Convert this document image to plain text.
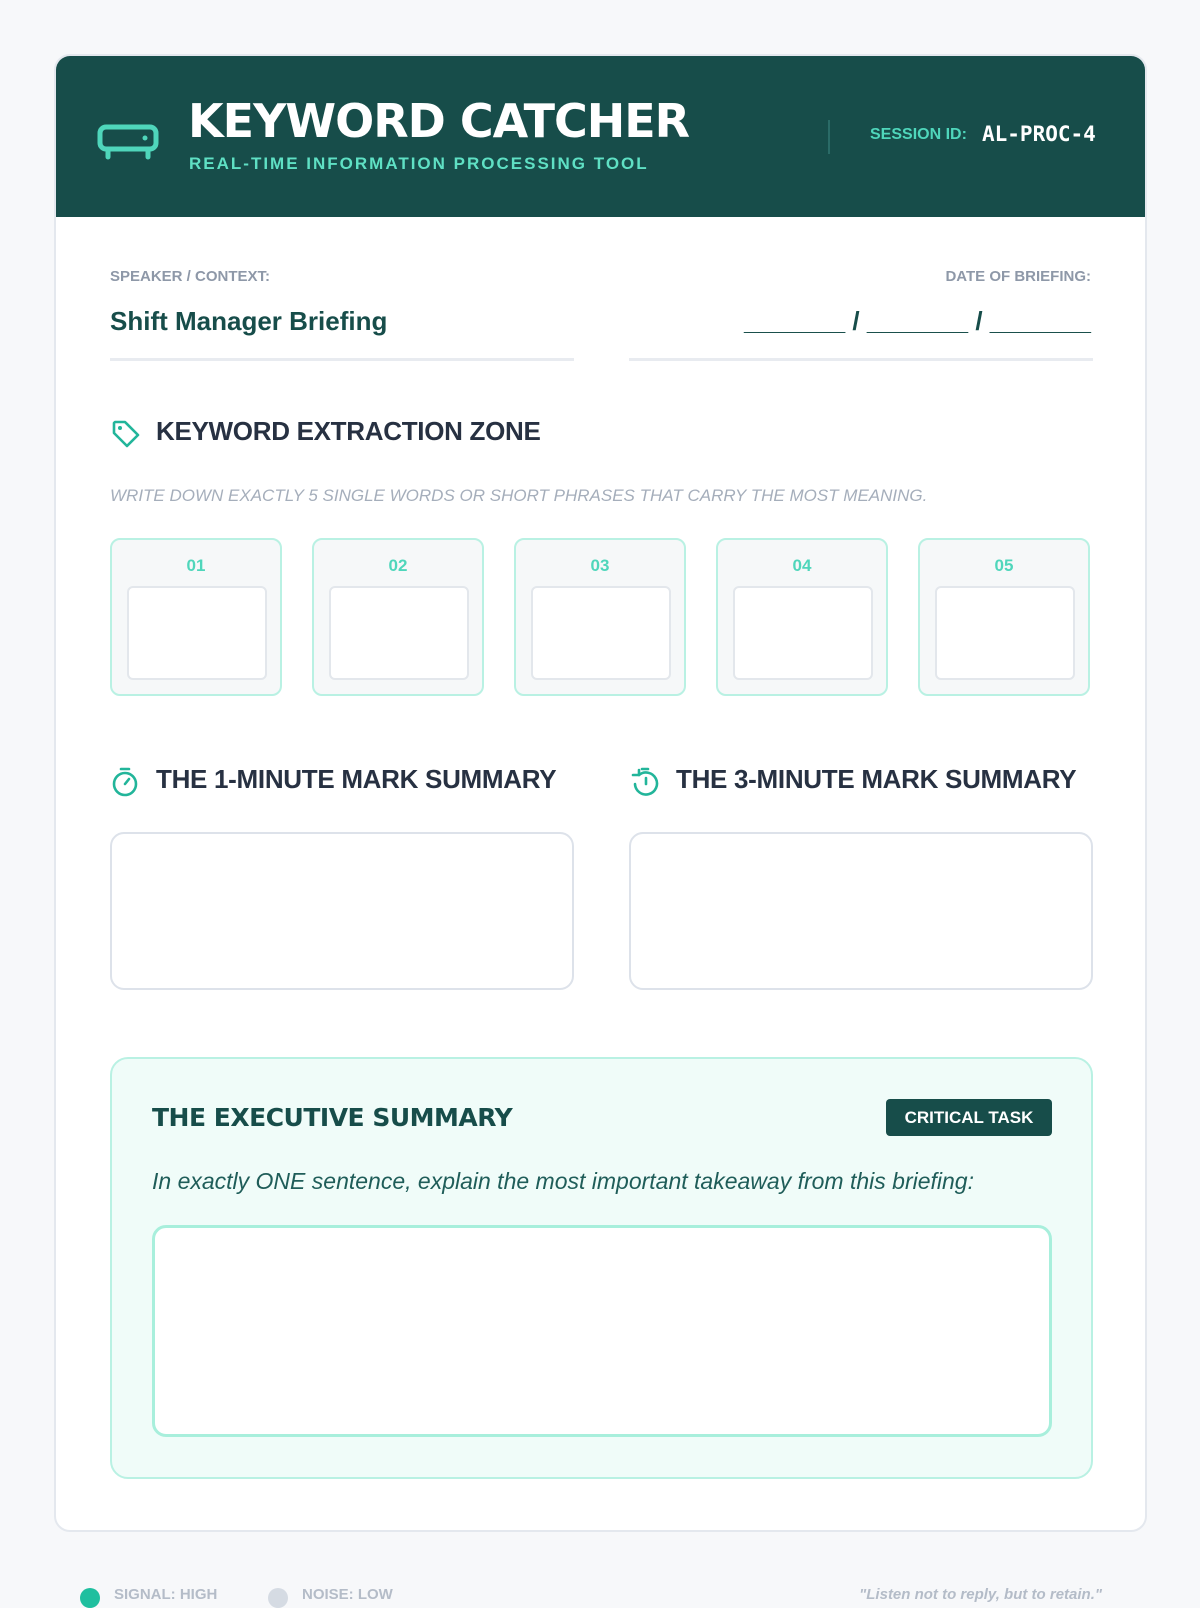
KEYWORD CATCHER
REAL-TIME INFORMATION PROCESSING TOOL
SESSION ID: AL-PROC-4
SPEAKER / CONTEXT:
Shift Manager Briefing
DATE OF BRIEFING:
_______ / _______ / _______
KEYWORD EXTRACTION ZONE
WRITE DOWN EXACTLY 5 SINGLE WORDS OR SHORT PHRASES THAT CARRY THE MOST MEANING.
01	02	03	04	05
THE 1-MINUTE MARK SUMMARY	THE 3-MINUTE MARK SUMMARY
THE EXECUTIVE SUMMARY	CRITICAL TASK
In exactly ONE sentence, explain the most important takeaway from this briefing:
SIGNAL: HIGH	NOISE: LOW	"Listen not to reply, but to retain."
